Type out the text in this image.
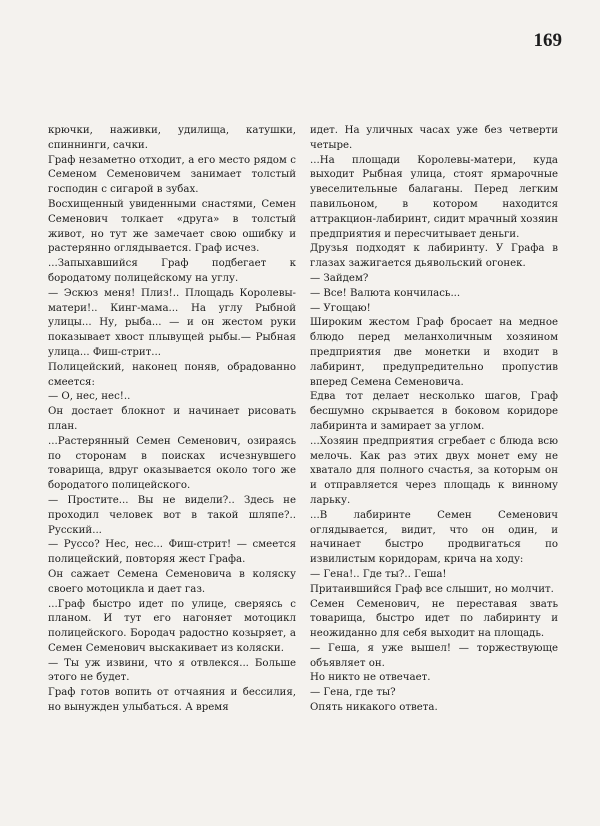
169

крючки, наживки, удилища, катушки, спиннинги, сачки.

Граф незаметно отходит, а его место рядом с Семеном Семеновичем занимает толстый господин с сигарой в зубах.

Восхищенный увиденными снастями, Семен Семенович толкает «друга» в толстый живот, но тут же замечает свою ошибку и растерянно оглядывается. Граф исчез.

...Запыхавшийся Граф подбегает к бородатому полицейскому на углу.

— Эскюз меня! Плиз!.. Площадь Королевы-матери!.. Кинг-мама... На углу Рыбной улицы... Ну, рыба... — и он жестом руки показывает хвост плывущей рыбы.— Рыбная улица... Фиш-стрит...

Полицейский, наконец поняв, обрадованно смеется:

— О, нес, нес!..

Он достает блокнот и начинает рисовать план.

...Растерянный Семен Семенович, озираясь по сторонам в поисках исчезнувшего товарища, вдруг оказывается около того же бородатого полицейского.

— Простите... Вы не видели?.. Здесь не проходил человек вот в такой шляпе?.. Русский...

— Руссо? Нес, нес... Фиш-стрит! — смеется полицейский, повторяя жест Графа.

Он сажает Семена Семеновича в коляску своего мотоцикла и дает газ.

...Граф быстро идет по улице, сверяясь с планом. И тут его нагоняет мотоцикл полицейского. Бородач радостно козыряет, а Семен Семенович выскакивает из коляски.

— Ты уж извини, что я отвлекся... Больше этого не будет.

Граф готов вопить от отчаяния и бессилия, но вынужден улыбаться. А время

идет. На уличных часах уже без четверти четыре.

...На площади Королевы-матери, куда выходит Рыбная улица, стоят ярмарочные увеселительные балаганы. Перед легким павильоном, в котором находится аттракцион-лабиринт, сидит мрачный хозяин предприятия и пересчитывает деньги.

Друзья подходят к лабиринту. У Графа в глазах зажигается дьявольский огонек.

— Зайдем?

— Все! Валюта кончилась...

— Угощаю!

Широким жестом Граф бросает на медное блюдо перед меланхоличным хозяином предприятия две монетки и входит в лабиринт, предупредительно пропустив вперед Семена Семеновича.

Едва тот делает несколько шагов, Граф бесшумно скрывается в боковом коридоре лабиринта и замирает за углом.

...Хозяин предприятия сгребает с блюда всю мелочь. Как раз этих двух монет ему не хватало для полного счастья, за которым он и отправляется через площадь к винному ларьку.

...В лабиринте Семен Семенович оглядывается, видит, что он один, и начинает быстро продвигаться по извилистым коридорам, крича на ходу:

— Гена!.. Где ты?.. Геша!

Притаившийся Граф все слышит, но молчит.

Семен Семенович, не переставая звать товарища, быстро идет по лабиринту и неожиданно для себя выходит на площадь.

— Геша, я уже вышел! — торжествующе объявляет он.

Но никто не отвечает.

— Гена, где ты?

Опять никакого ответа.
